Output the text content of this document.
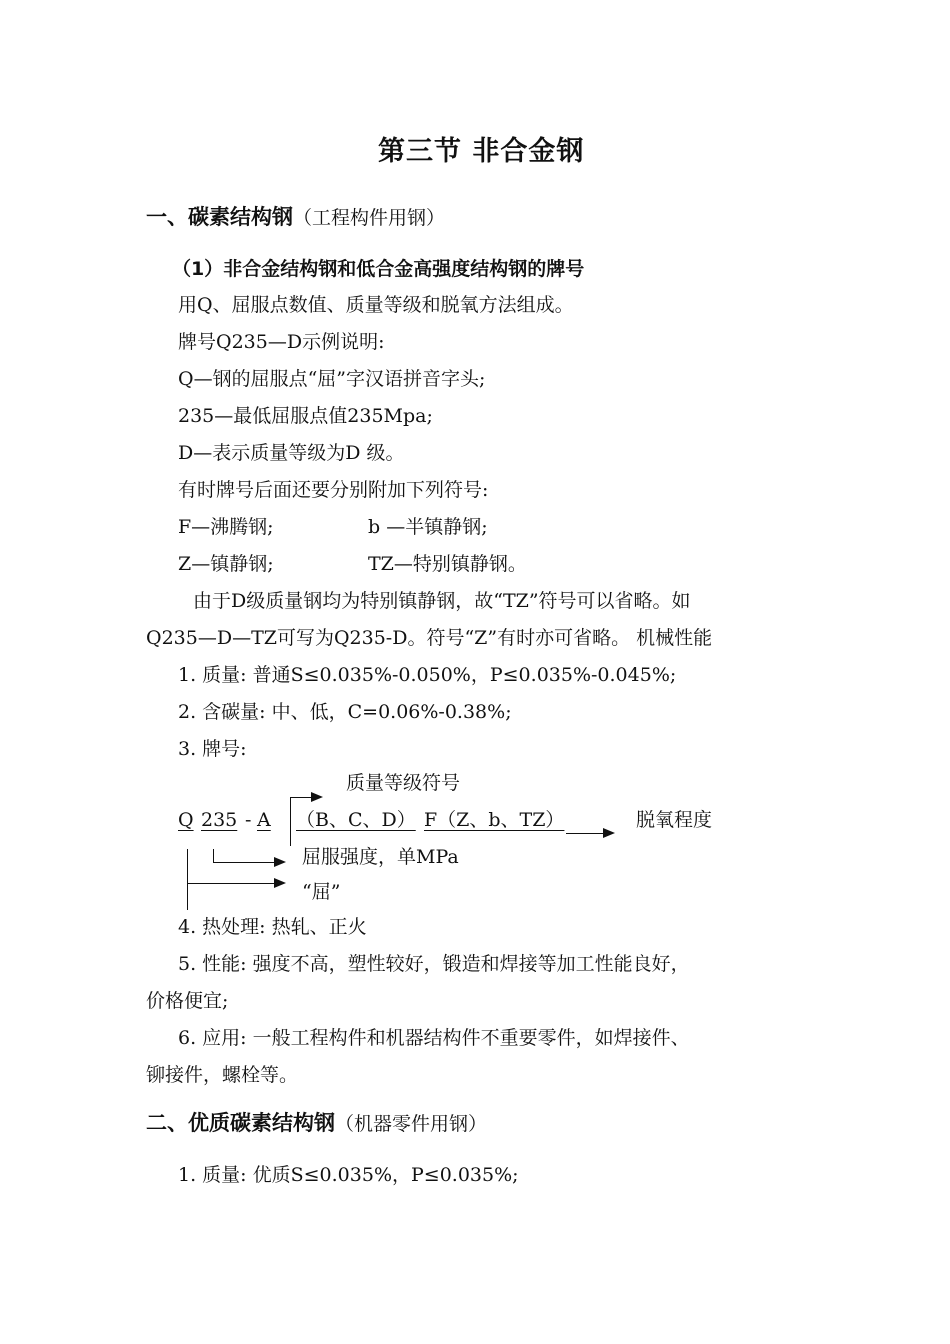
第三节 非合金钢
一、碳素结构钢（工程构件用钢）
（1）非合金结构钢和低合金高强度结构钢的牌号
用Q、屈服点数值、质量等级和脱氧方法组成。
牌号Q235—D示例说明:
Q—钢的屈服点“屈”字汉语拼音字头;
235—最低屈服点值235Mpa;
D—表示质量等级为D 级。
有时牌号后面还要分别附加下列符号:
F—沸腾钢;	b —半镇静钢;
Z—镇静钢;	TZ—特别镇静钢。
由于D级质量钢均为特别镇静钢，故“TZ”符号可以省略。如
Q235—D—TZ可写为Q235-D。符号“Z”有时亦可省略。 机械性能
1. 质量: 普通S≤0.035%-0.050%，P≤0.035%-0.045%;
2. 含碳量: 中、低，C=0.06%-0.38%;
3. 牌号:
质量等级符号
Q 235 - A （B、C、D） F（Z、b、TZ）	脱氧程度
屈服强度，单MPa
“屈”
4. 热处理: 热轧、正火
5. 性能: 强度不高，塑性较好，锻造和焊接等加工性能良好，
价格便宜;
6. 应用: 一般工程构件和机器结构件不重要零件，如焊接件、
铆接件，螺栓等。
二、优质碳素结构钢（机器零件用钢）
1. 质量: 优质S≤0.035%，P≤0.035%;
